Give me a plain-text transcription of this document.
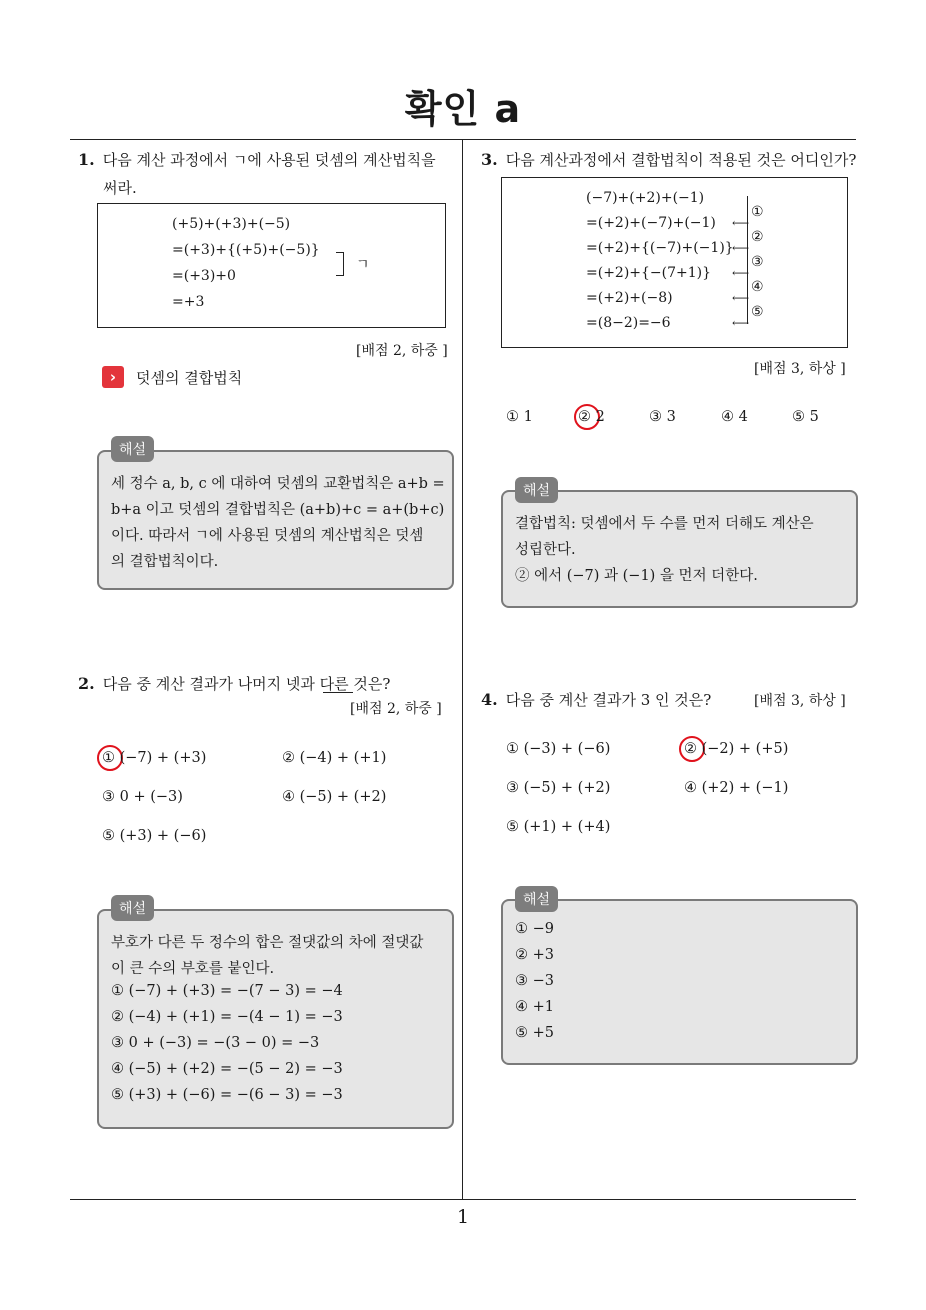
확인 a
1. 다음 계산 과정에서 ㄱ에 사용된 덧셈의 계산법칙을
써라.
(+5)+(+3)+(−5)
=(+3)+{(+5)+(−5)}
=(+3)+0
=+3
ㄱ
[배점 2, 하중 ]
›	덧셈의 결합법칙
세 정수 a, b, c 에 대하여 덧셈의 교환법칙은 a+b =
b+a 이고 덧셈의 결합법칙은 (a+b)+c = a+(b+c)
이다. 따라서 ㄱ에 사용된 덧셈의 계산법칙은 덧셈
의 결합법칙이다.
해설
2. 다음 중 계산 결과가 나머지 넷과 다른 것은?
[배점 2, 하중 ]
① (−7) + (+3)	② (−4) + (+1)
③ 0 + (−3)	④ (−5) + (+2)
⑤ (+3) + (−6)
부호가 다른 두 정수의 합은 절댓값의 차에 절댓값
이 큰 수의 부호를 붙인다.
① (−7) + (+3) = −(7 − 3) = −4
② (−4) + (+1) = −(4 − 1) = −3
③ 0 + (−3) = −(3 − 0) = −3
④ (−5) + (+2) = −(5 − 2) = −3
⑤ (+3) + (−6) = −(6 − 3) = −3
해설
3. 다음 계산과정에서 결합법칙이 적용된 것은 어디인가?
(−7)+(+2)+(−1)
=(+2)+(−7)+(−1)
=(+2)+{(−7)+(−1)}
=(+2)+{−(7+1)}
=(+2)+(−8)
=(8−2)=−6
⟵
⟵
⟵
⟵
⟵
①
②
③
④
⑤
[배점 3, 하상 ]
① 1	② 2	③ 3	④ 4	⑤ 5
결합법칙: 덧셈에서 두 수를 먼저 더해도 계산은
성립한다.
② 에서 (−7) 과 (−1) 을 먼저 더한다.
해설
4. 다음 중 계산 결과가 3 인 것은?	[배점 3, 하상 ]
① (−3) + (−6)	② (−2) + (+5)
③ (−5) + (+2)	④ (+2) + (−1)
⑤ (+1) + (+4)
① −9
② +3
③ −3
④ +1
⑤ +5
해설
1
